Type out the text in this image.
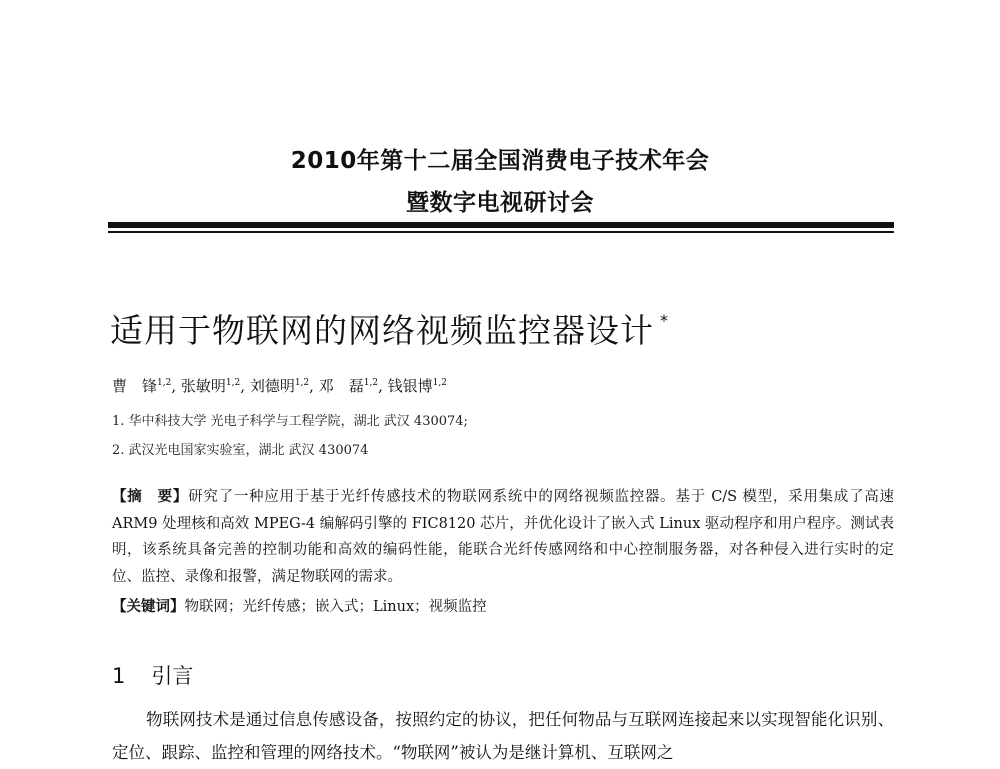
2010年第十二届全国消费电子技术年会
暨数字电视研讨会
适用于物联网的网络视频监控器设计 *
曹　锋$^{1,2}$, 张敏明$^{1,2}$, 刘德明$^{1,2}$, 邓　磊$^{1,2}$, 钱银博$^{1,2}$
1. 华中科技大学 光电子科学与工程学院，湖北 武汉 430074;
2. 武汉光电国家实验室，湖北 武汉 430074
【摘　要】研究了一种应用于基于光纤传感技术的物联网系统中的网络视频监控器。基于 C/S 模型，采用集成了高速 ARM9 处理核和高效 MPEG-4 编解码引擎的 FIC8120 芯片，并优化设计了嵌入式 Linux 驱动程序和用户程序。测试表明，该系统具备完善的控制功能和高效的编码性能，能联合光纤传感网络和中心控制服务器，对各种侵入进行实时的定位、监控、录像和报警，满足物联网的需求。
【关键词】物联网；光纤传感；嵌入式；Linux；视频监控
1 引言
物联网技术是通过信息传感设备，按照约定的协议，把任何物品与互联网连接起来以实现智能化识别、定位、跟踪、监控和管理的网络技术。“物联网”被认为是继计算机、互联网之
